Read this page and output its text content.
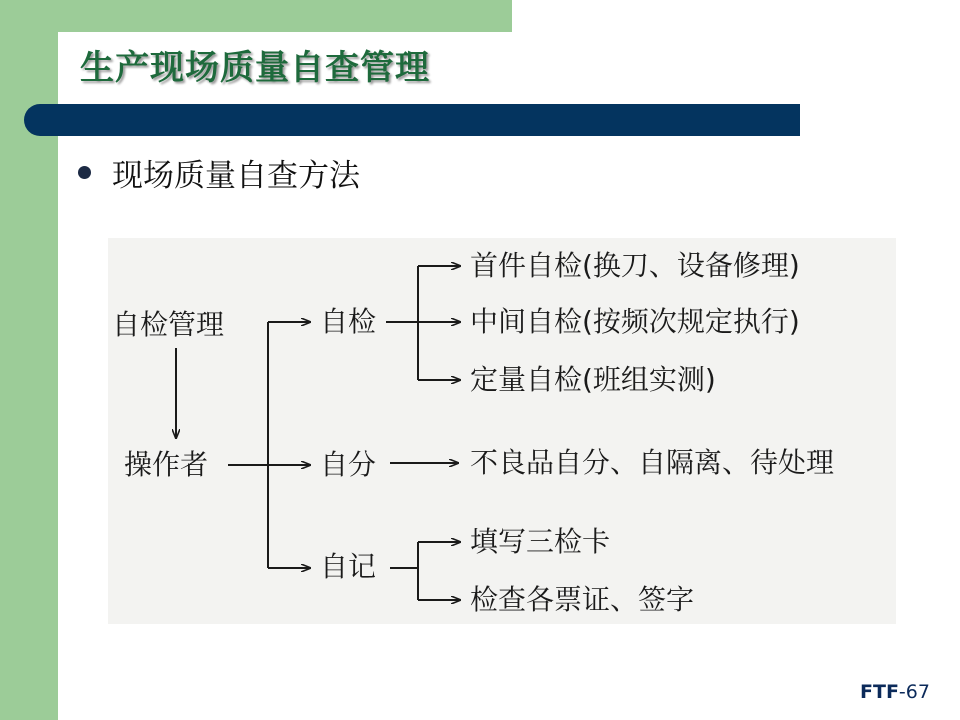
生产现场质量自查管理
现场质量自查方法
自检管理
操作者
自检
自分
自记
首件自检(换刀、设备修理)
中间自检(按频次规定执行)
定量自检(班组实测)
不良品自分、自隔离、待处理
填写三检卡
检查各票证、签字
FTF-67
